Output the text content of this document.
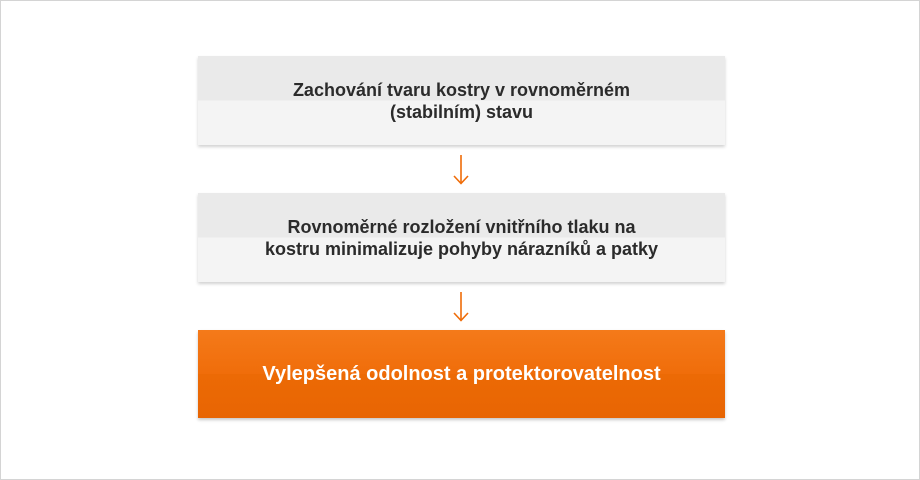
Zachování tvaru kostry v rovnoměrném
(stabilním) stavu
Rovnoměrné rozložení vnitřního tlaku na
kostru minimalizuje pohyby nárazníků a patky
Vylepšená odolnost a protektorovatelnost
